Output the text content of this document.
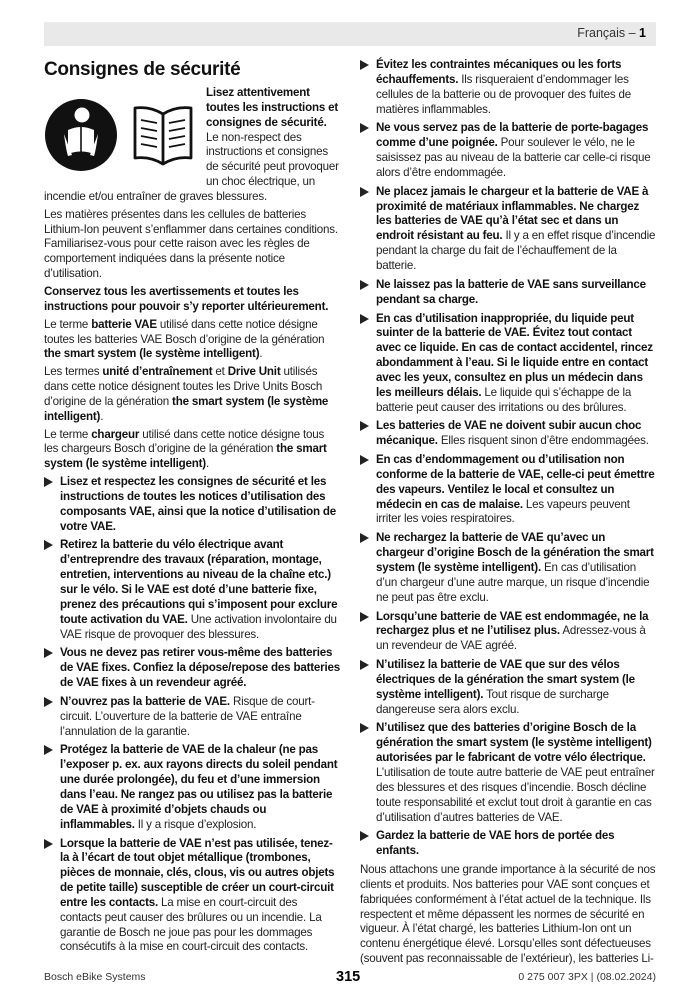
Français – 1
Consignes de sécurité

Lisez attentivement toutes les instructions et consignes de sécurité. Le non-respect des instructions et consignes de sécurité peut provoquer un choc électrique, un incendie et/ou entraîner de graves blessures.

Les matières présentes dans les cellules de batteries Lithium-Ion peuvent s’enflammer dans certaines conditions. Familiarisez-vous pour cette raison avec les règles de comportement indiquées dans la présente notice d’utilisation.

Conservez tous les avertissements et toutes les instructions pour pouvoir s’y reporter ultérieurement.

Le terme batterie VAE utilisé dans cette notice désigne toutes les batteries VAE Bosch d’origine de la génération the smart system (le système intelligent).

Les termes unité d’entraînement et Drive Unit utilisés dans cette notice désignent toutes les Drive Units Bosch d’origine de la génération the smart system (le système intelligent).

Le terme chargeur utilisé dans cette notice désigne tous les chargeurs Bosch d’origine de la génération the smart system (le système intelligent).

Lisez et respectez les consignes de sécurité et les instructions de toutes les notices d’utilisation des composants VAE, ainsi que la notice d’utilisation de votre VAE.
Retirez la batterie du vélo électrique avant d’entreprendre des travaux (réparation, montage, entretien, interventions au niveau de la chaîne etc.) sur le vélo. Si le VAE est doté d’une batterie fixe, prenez des précautions qui s’imposent pour exclure toute activation du VAE. Une activation involontaire du VAE risque de provoquer des blessures.
Vous ne devez pas retirer vous-même des batteries de VAE fixes. Confiez la dépose/repose des batteries de VAE fixes à un revendeur agréé.
N’ouvrez pas la batterie de VAE. Risque de court-circuit. L’ouverture de la batterie de VAE entraîne l’annulation de la garantie.
Protégez la batterie de VAE de la chaleur (ne pas l’exposer p. ex. aux rayons directs du soleil pendant une durée prolongée), du feu et d’une immersion dans l’eau. Ne rangez pas ou utilisez pas la batterie de VAE à proximité d’objets chauds ou inflammables. Il y a risque d’explosion.
Lorsque la batterie de VAE n’est pas utilisée, tenez-la à l’écart de tout objet métallique (trombones, pièces de monnaie, clés, clous, vis ou autres objets de petite taille) susceptible de créer un court-circuit entre les contacts. La mise en court-circuit des contacts peut causer des brûlures ou un incendie. La garantie de Bosch ne joue pas pour les dommages consécutifs à la mise en court-circuit des contacts.
Évitez les contraintes mécaniques ou les forts échauffements. Ils risqueraient d’endommager les cellules de la batterie ou de provoquer des fuites de matières inflammables.
Ne vous servez pas de la batterie de porte-bagages comme d’une poignée. Pour soulever le vélo, ne le saisissez pas au niveau de la batterie car celle-ci risque alors d’être endommagée.
Ne placez jamais le chargeur et la batterie de VAE à proximité de matériaux inflammables. Ne chargez les batteries de VAE qu’à l’état sec et dans un endroit résistant au feu. Il y a en effet risque d’incendie pendant la charge du fait de l’échauffement de la batterie.
Ne laissez pas la batterie de VAE sans surveillance pendant sa charge.
En cas d’utilisation inappropriée, du liquide peut suinter de la batterie de VAE. Évitez tout contact avec ce liquide. En cas de contact accidentel, rincez abondamment à l’eau. Si le liquide entre en contact avec les yeux, consultez en plus un médecin dans les meilleurs délais. Le liquide qui s’échappe de la batterie peut causer des irritations ou des brûlures.
Les batteries de VAE ne doivent subir aucun choc mécanique. Elles risquent sinon d’être endommagées.
En cas d’endommagement ou d’utilisation non conforme de la batterie de VAE, celle-ci peut émettre des vapeurs. Ventilez le local et consultez un médecin en cas de malaise. Les vapeurs peuvent irriter les voies respiratoires.
Ne rechargez la batterie de VAE qu’avec un chargeur d’origine Bosch de la génération the smart system (le système intelligent). En cas d’utilisation d’un chargeur d’une autre marque, un risque d’incendie ne peut pas être exclu.
Lorsqu’une batterie de VAE est endommagée, ne la rechargez plus et ne l’utilisez plus. Adressez-vous à un revendeur de VAE agréé.
N’utilisez la batterie de VAE que sur des vélos électriques de la génération the smart system (le système intelligent). Tout risque de surcharge dangereuse sera alors exclu.
N’utilisez que des batteries d’origine Bosch de la génération the smart system (le système intelligent) autorisées par le fabricant de votre vélo électrique. L’utilisation de toute autre batterie de VAE peut entraîner des blessures et des risques d’incendie. Bosch décline toute responsabilité et exclut tout droit à garantie en cas d’utilisation d’autres batteries de VAE.
Gardez la batterie de VAE hors de portée des enfants.

Nous attachons une grande importance à la sécurité de nos clients et produits. Nos batteries pour VAE sont conçues et fabriquées conformément à l’état actuel de la technique. Ils respectent et même dépassent les normes de sécurité en vigueur. À l’état chargé, les batteries Lithium-Ion ont un contenu énergétique élevé. Lorsqu’elles sont défectueuses (souvent pas reconnaissable de l’extérieur), les batteries Li-

Bosch eBike Systems	315	0 275 007 3PX | (08.02.2024)
